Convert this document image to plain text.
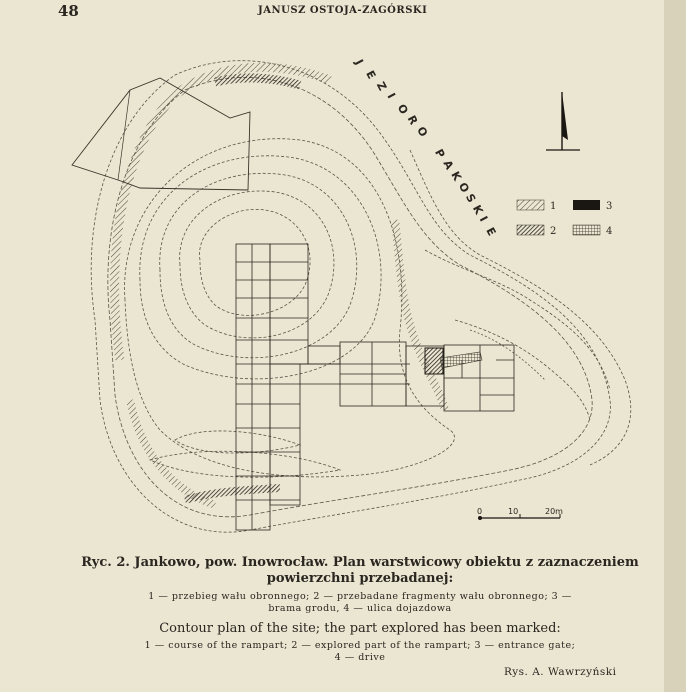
48	JANUSZ OSTOJA-ZAGÓRSKI
J
E
Z
I
O
R
O
P
A
K
O
S
K
I
E
1	3
2	4
0	10	20m
Ryc. 2. Jankowo, pow. Inowrocław. Plan warstwicowy obiektu z zaznaczeniem
powierzchni przebadanej:
1 — przebieg wału obronnego; 2 — przebadane fragmenty wału obronnego; 3 —
brama grodu, 4 — ulica dojazdowa
Contour plan of the site; the part explored has been marked:
1 — course of the rampart; 2 — explored part of the rampart; 3 — entrance gate;
4 — drive
Rys. A. Wawrzyński
